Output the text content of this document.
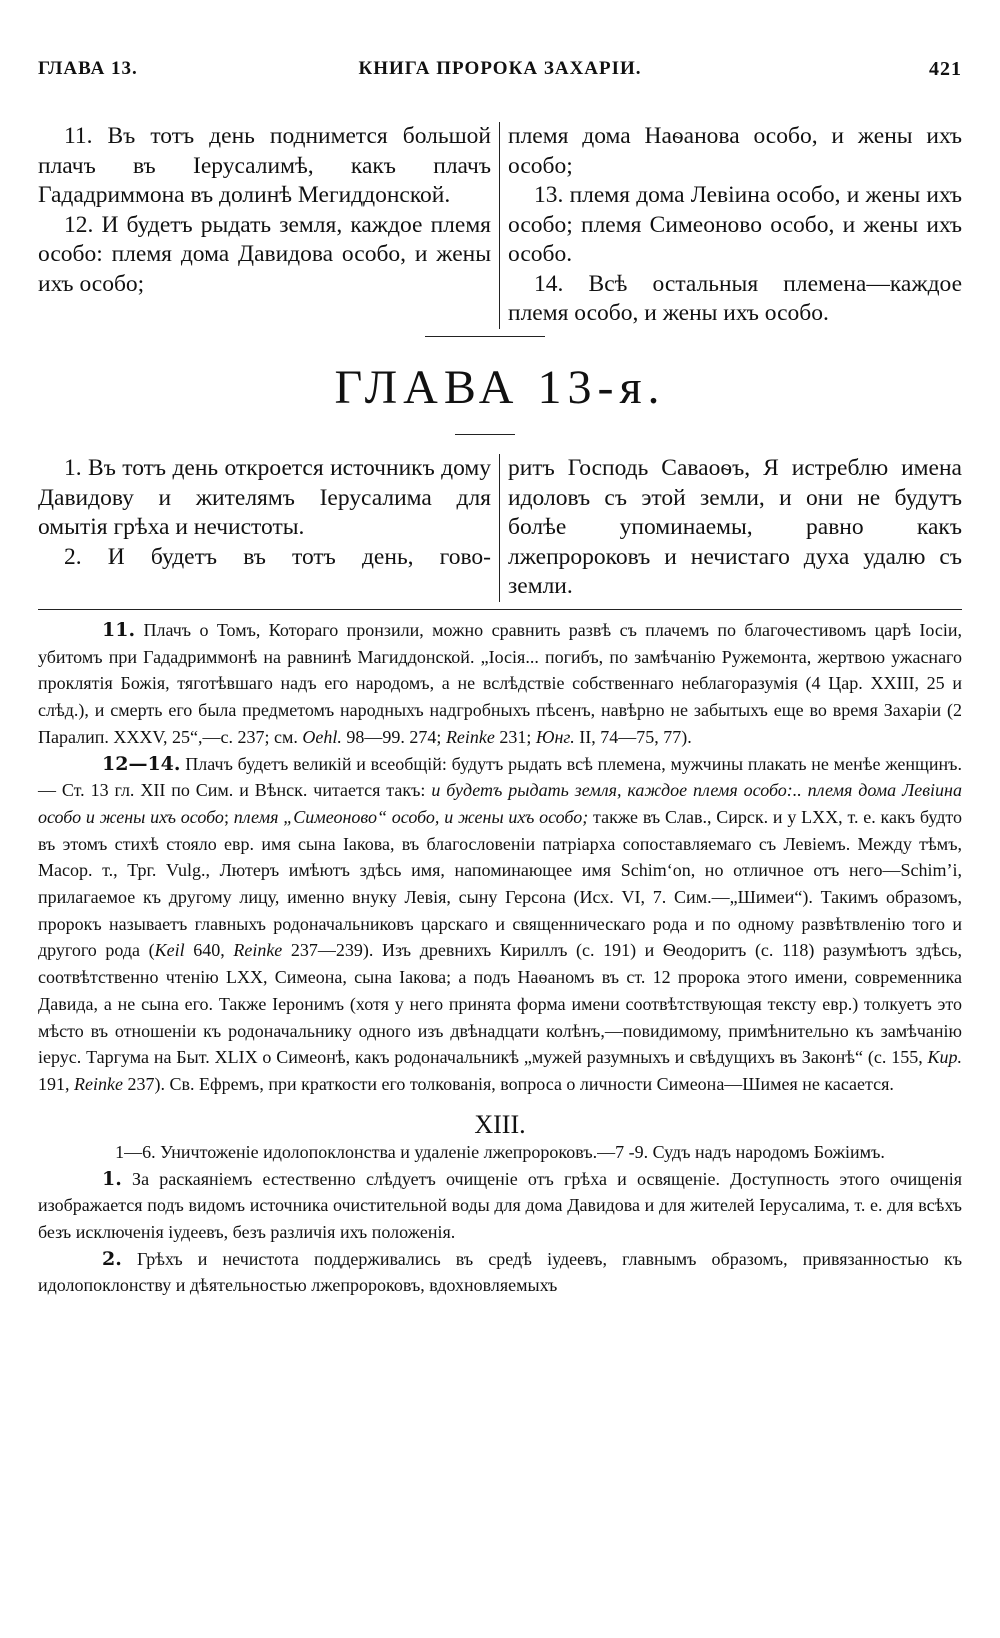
ГЛАВА 13.	КНИГА ПРОРОКА ЗАХАРІИ.	421

11. Въ тотъ день поднимется большой плачъ въ Іерусалимѣ, какъ плачъ Гададриммона въ долинѣ Мегиддонской.

12. И будетъ рыдать земля, каждое племя особо: племя дома Давидова особо, и жены ихъ особо;

племя дома Наѳанова особо, и жены ихъ особо;

13. племя дома Левіина особо, и жены ихъ особо; племя Симеоново особо, и жены ихъ особо.

14. Всѣ остальныя племена—каждое племя особо, и жены ихъ особо.

ГЛАВА 13-я.

1. Въ тотъ день откроется источникъ дому Давидову и жителямъ Іерусалима для омытія грѣха и нечистоты.

2. И будетъ въ тотъ день, гово-

ритъ Господь Саваоѳъ, Я истреблю имена идоловъ съ этой земли, и они не будутъ болѣе упоминаемы, равно какъ лжепророковъ и нечистаго духа удалю съ земли.

11. Плачъ о Томъ, Котораго пронзили, можно сравнить развѣ съ плачемъ по благочестивомъ царѣ Іосіи, убитомъ при Гададриммонѣ на равнинѣ Магиддонской. „Іосія... погибъ, по замѣчанію Ружемонта, жертвою ужаснаго проклятія Божія, тяготѣвшаго надъ его народомъ, а не вслѣдствіе собственнаго неблагоразумія (4 Цар. XXIII, 25 и слѣд.), и смерть его была предметомъ народныхъ надгробныхъ пѣсенъ, навѣрно не забытыхъ еще во время Захаріи (2 Паралип. XXXV, 25“,—с. 237; см. Oehl. 98—99. 274; Reinke 231; Юнг. II, 74—75, 77).

12—14. Плачъ будетъ великій и всеобщій: будутъ рыдать всѣ племена, мужчины плакать не менѣе женщинъ. — Ст. 13 гл. XII по Сим. и Вѣнск. читается такъ: и будетъ рыдать земля, каждое племя особо:.. племя дома Левіина особо и жены ихъ особо; племя „Симеоново“ особо, и жены ихъ особо; также въ Слав., Сирск. и у LXX, т. е. какъ будто въ этомъ стихѣ стояло евр. имя сына Іакова, въ благословеніи патріарха сопоставляемаго съ Левіемъ. Между тѣмъ, Масор. т., Трг. Vulg., Лютеръ имѣютъ здѣсь имя, напоминающее имя Schim‘on, но отличное отъ него—Schim’i, прилагаемое къ другому лицу, именно внуку Левія, сыну Герсона (Исх. VI, 7. Сим.—„Шимеи“). Такимъ образомъ, пророкъ называетъ главныхъ родоначальниковъ царскаго и священническаго рода и по одному развѣтвленію того и другого рода (Keil 640, Reinke 237—239). Изъ древнихъ Кириллъ (с. 191) и Ѳеодоритъ (с. 118) разумѣютъ здѣсь, соотвѣтственно чтенію LXX, Симеона, сына Іакова; а подъ Наѳаномъ въ ст. 12 пророка этого имени, современника Давида, а не сына его. Также Іеронимъ (хотя у него принята форма имени соотвѣтствующая тексту евр.) толкуетъ это мѣсто въ отношеніи къ родоначальнику одного изъ двѣнадцати колѣнъ,—повидимому, примѣнительно къ замѣчанію іерус. Таргума на Быт. XLIX о Симеонѣ, какъ родоначальникѣ „мужей разумныхъ и свѣдущихъ въ Законѣ“ (с. 155, Кир. 191, Reinke 237). Св. Ефремъ, при краткости его толкованія, вопроса о личности Симеона—Шимея не касается.

XIII.
1—6. Уничтоженіе идолопоклонства и удаленіе лжепророковъ.—7 -9. Судъ надъ народомъ Божіимъ.

1. За раскаяніемъ естественно слѣдуетъ очищеніе отъ грѣха и освященіе. Доступность этого очищенія изображается подъ видомъ источника очистительной воды для дома Давидова и для жителей Іерусалима, т. е. для всѣхъ безъ исключенія іудеевъ, безъ различія ихъ положенія.

2. Грѣхъ и нечистота поддерживались въ средѣ іудеевъ, главнымъ образомъ, привязанностью къ идолопоклонству и дѣятельностью лжепророковъ, вдохновляемыхъ
